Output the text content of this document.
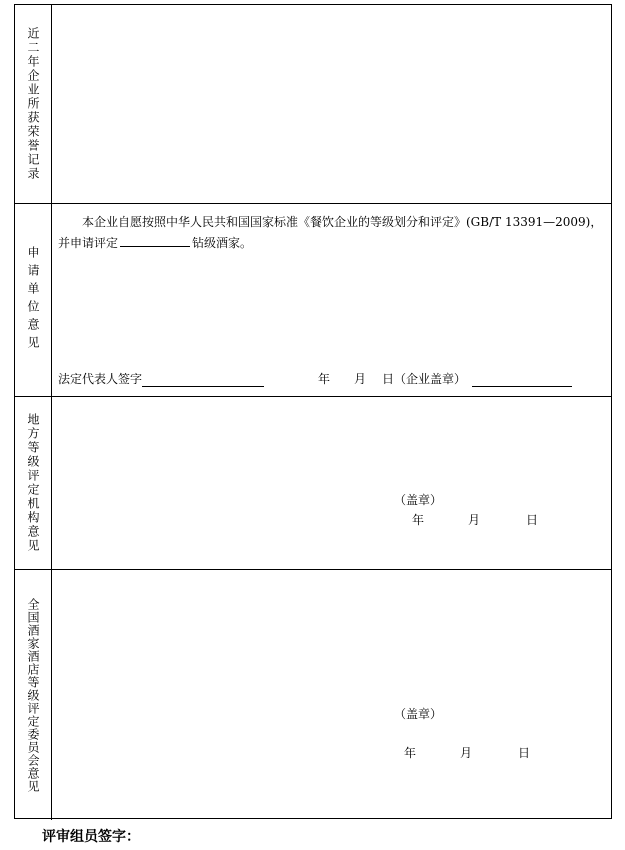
近二年企业所获荣誉记录
申请单位意见
本企业自愿按照中华人民共和国国家标准《餐饮企业的等级划分和评定》(GB/T 13391—2009)，并申请评定	钻级酒家。
法定代表人签字	年 月 日（企业盖章）
地方等级评定机构意见	（盖章）
年	月	日
全国酒家酒店等级评定委员会意见	（盖章）
年	月	日
评审组员签字：
